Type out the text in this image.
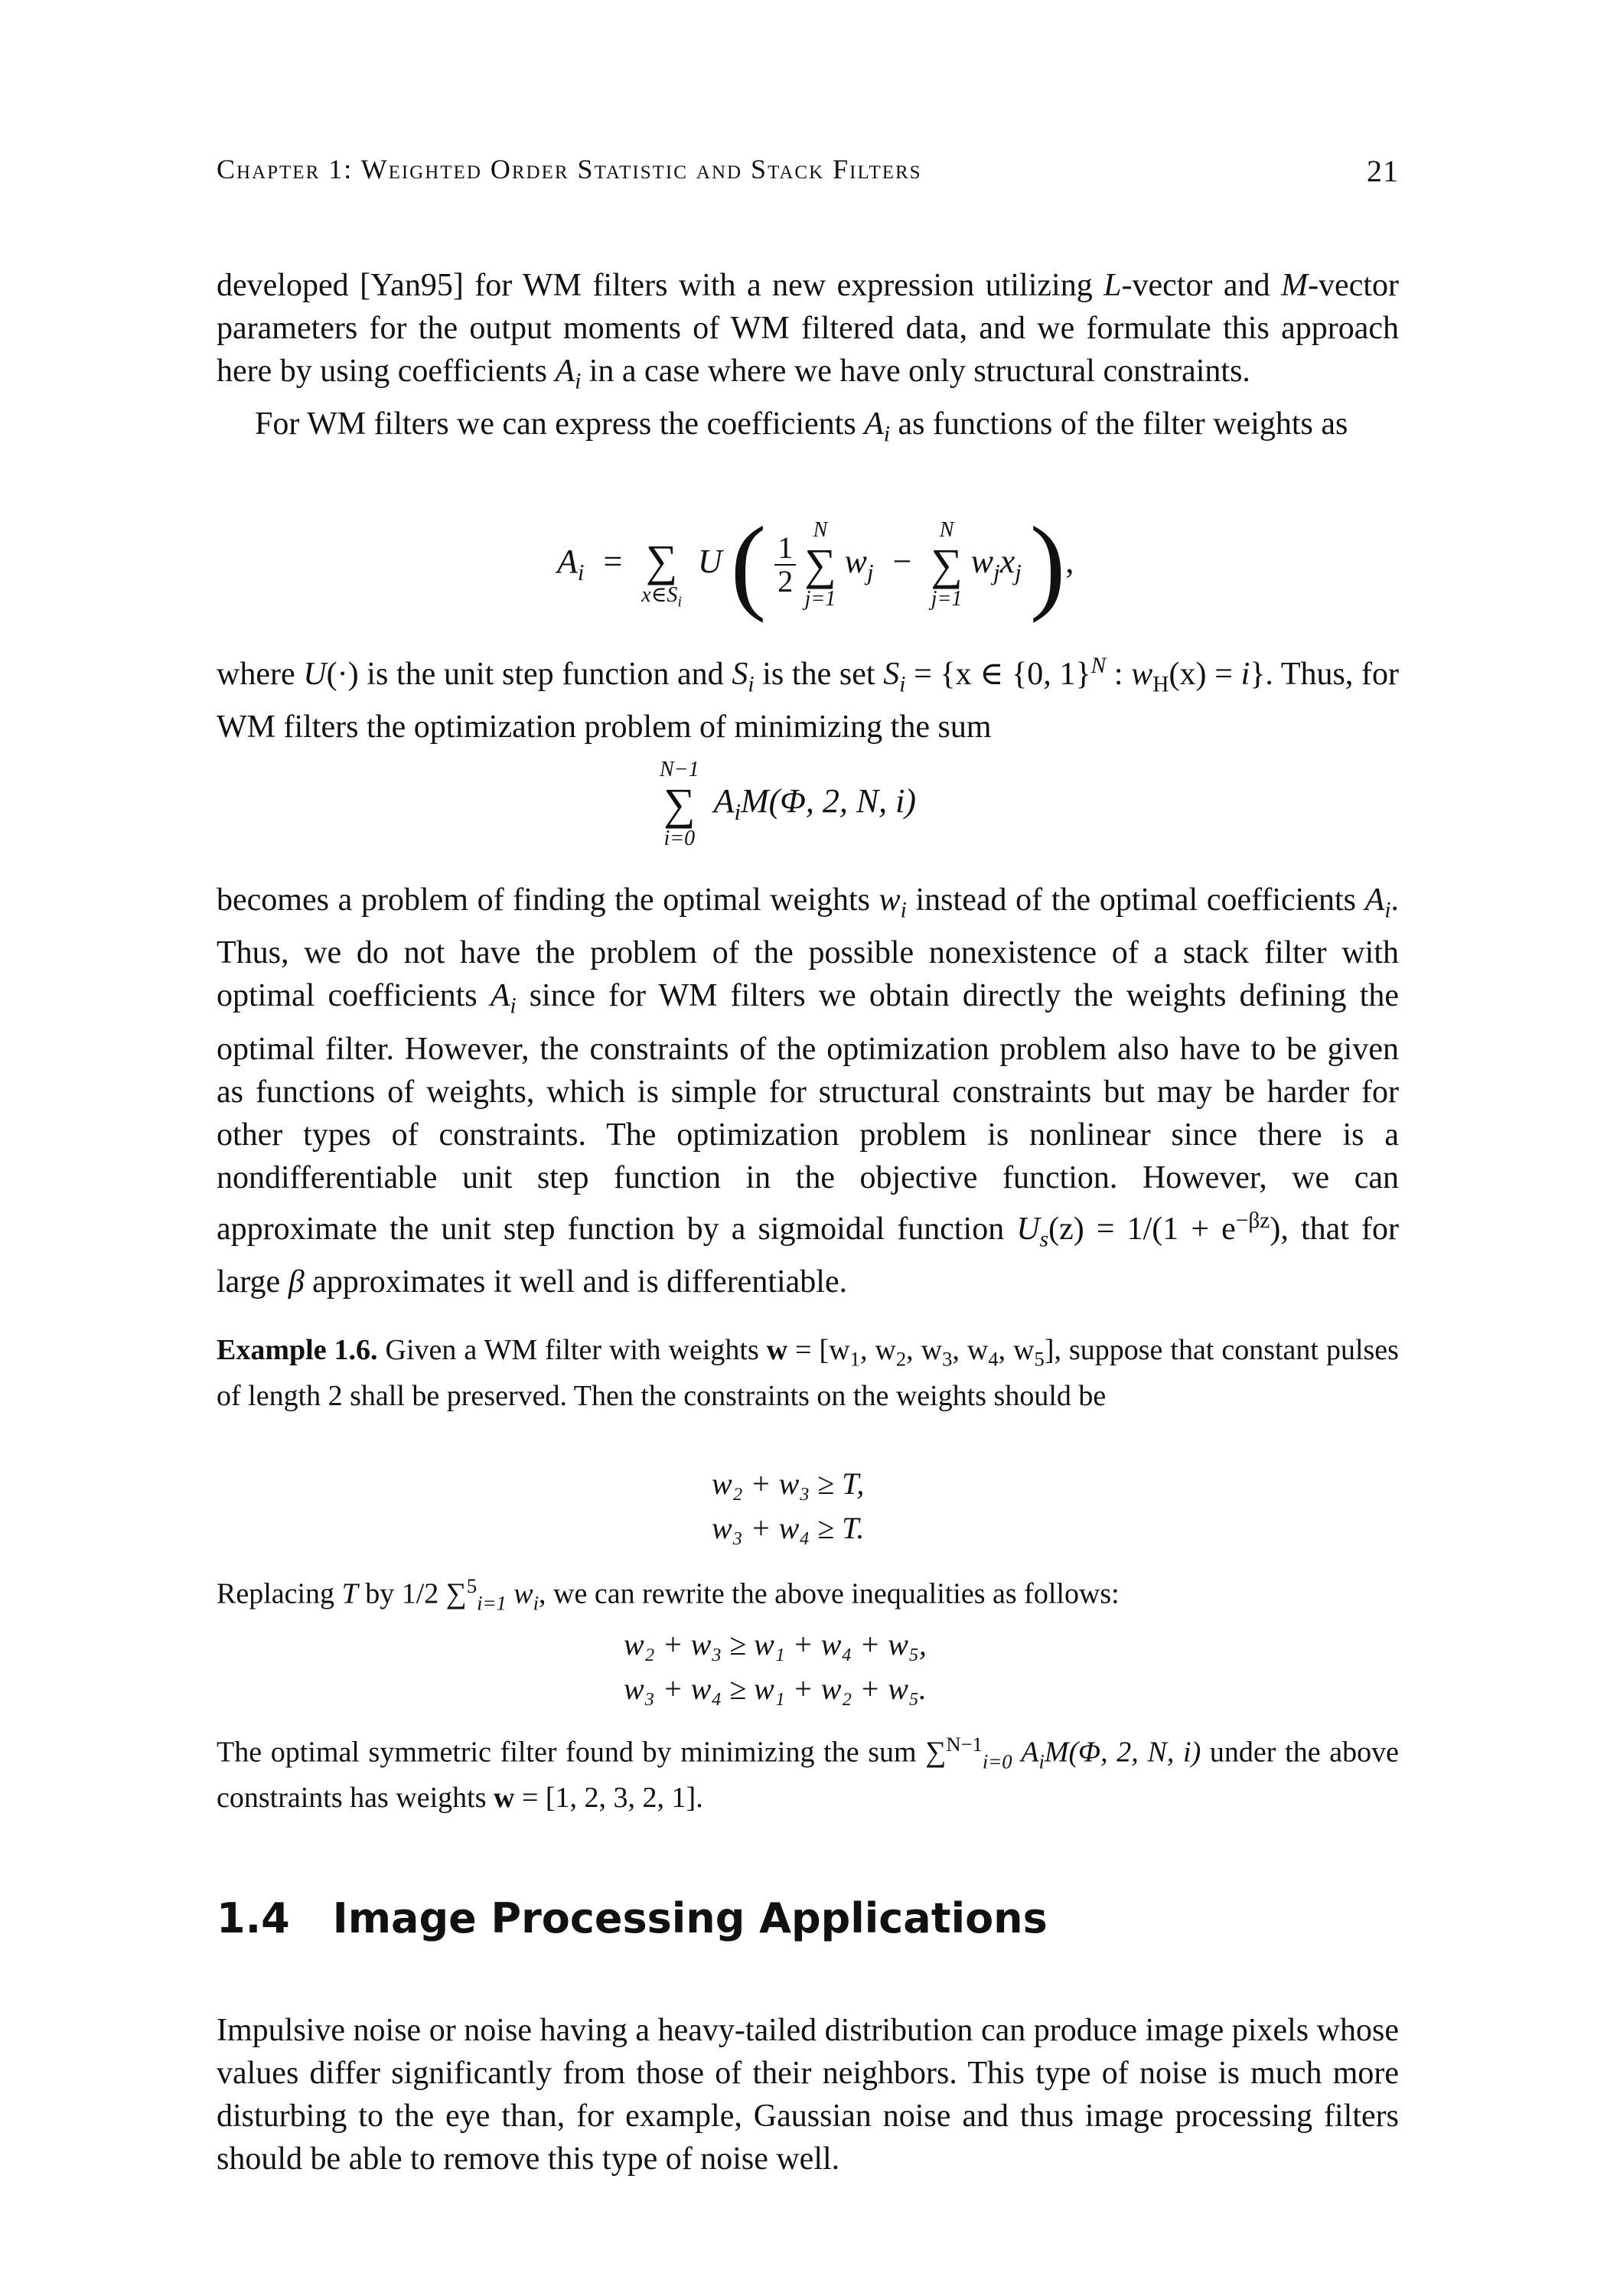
Chapter 1: Weighted Order Statistic and Stack Filters	21

developed [Yan95] for WM filters with a new expression utilizing L-vector and M-vector parameters for the output moments of WM filtered data, and we formulate this approach here by using coefficients $A_i$ in a case where we have only structural constraints.

For WM filters we can express the coefficients $A_i$ as functions of the filter weights as

$A_i$ = ∑
$x\in S_i$
U ( $\frac{1}{2}$

N
∑
j=1
$w_j$ −
N
∑
j=1
$w_jx_j$ ),

where U(·) is the unit step function and $S_i$ is the set $S_i = \{x$ ∈ {0, 1}$^N$ : $w_H(x) = i$}. Thus, for WM filters the optimization problem of minimizing the sum

N−1
∑
i=0
$A_iM(\Phi$, 2, N, i)

becomes a problem of finding the optimal weights $w_i$ instead of the optimal coefficients $A_i$. Thus, we do not have the problem of the possible nonexistence of a stack filter with optimal coefficients $A_i$ since for WM filters we obtain directly the weights defining the optimal filter. However, the constraints of the optimization problem also have to be given as functions of weights, which is simple for structural constraints but may be harder for other types of constraints. The optimization problem is nonlinear since there is a nondifferentiable unit step function in the objective function. However, we can approximate the unit step function by a sigmoidal function $U_s(z) = 1/(1 + e^{-\beta z})$, that for large β approximates it well and is differentiable.

Example 1.6. Given a WM filter with weights $w = [w_1$, $w_2$, $w_3$, $w_4$, $w_5$], suppose that constant pulses of length 2 shall be preserved. Then the constraints on the weights should be

w₂ + w₃ ≥ T,
w₃ + w₄ ≥ T.

Replacing T by 1/2 ∑$^5_{i=1}$ $w_i$, we can rewrite the above inequalities as follows:

w₂ + w₃ ≥ w₁ + w₄ + w₅,
w₃ + w₄ ≥ w₁ + w₂ + w₅.

The optimal symmetric filter found by minimizing the sum ∑$^{N-1}_{i=0}$ $A_iM(\Phi$, 2, N, i) under the above constraints has weights w = [1, 2, 3, 2, 1].

1.4 Image Processing Applications

Impulsive noise or noise having a heavy-tailed distribution can produce image pixels whose values differ significantly from those of their neighbors. This type of noise is much more disturbing to the eye than, for example, Gaussian noise and thus image processing filters should be able to remove this type of noise well.
